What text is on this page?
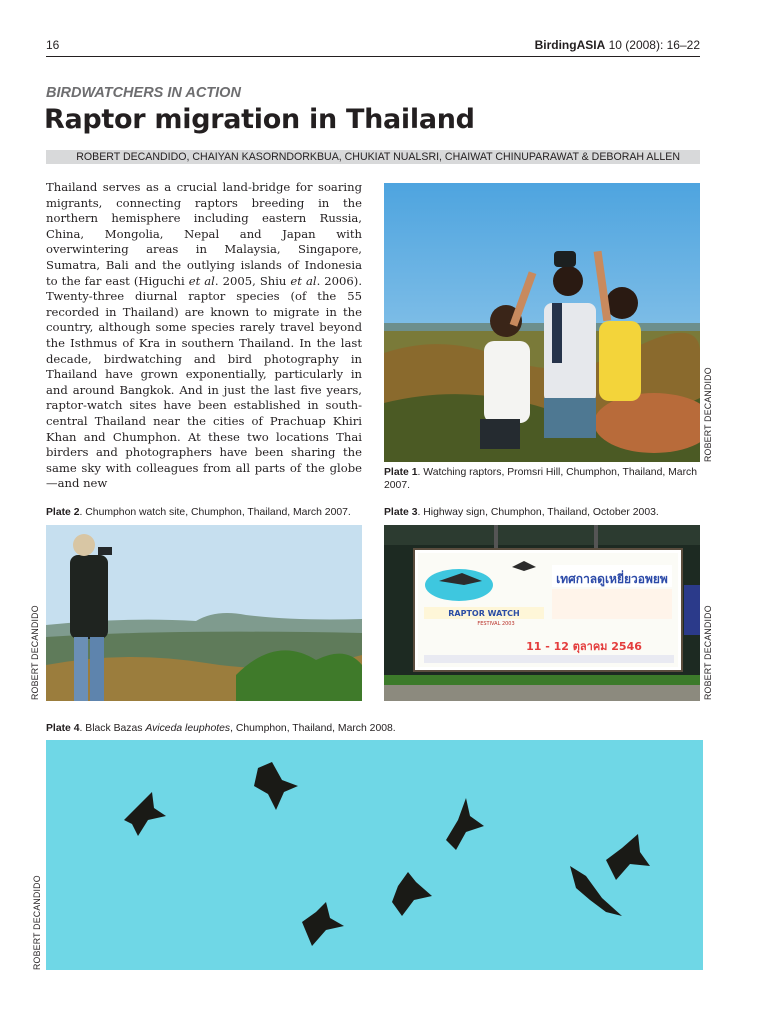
16	BirdingASIA 10 (2008): 16–22
BIRDWATCHERS IN ACTION
Raptor migration in Thailand
ROBERT DECANDIDO, CHAIYAN KASORNDORKBUA, CHUKIAT NUALSRI, CHAIWAT CHINUPARAWAT & DEBORAH ALLEN

Thailand serves as a crucial land-bridge for soaring migrants, connecting raptors breeding in the northern hemisphere including eastern Russia, China, Mongolia, Nepal and Japan with overwintering areas in Malaysia, Singapore, Sumatra, Bali and the outlying islands of Indonesia to the far east (Higuchi et al. 2005, Shiu et al. 2006). Twenty-three diurnal raptor species (of the 55 recorded in Thailand) are known to migrate in the country, although some species rarely travel beyond the Isthmus of Kra in southern Thailand. In the last decade, birdwatching and bird photography in Thailand have grown exponentially, particularly in and around Bangkok. And in just the last five years, raptor-watch sites have been established in south-central Thailand near the cities of Prachuap Khiri Khan and Chumphon. At these two locations Thai birders and photographers have been sharing the same sky with colleagues from all parts of the globe—and new

ROBERT DECANDIDO
Plate 1. Watching raptors, Promsri Hill, Chumphon, Thailand, March 2007.
Plate 2. Chumphon watch site, Chumphon, Thailand, March 2007.
ROBERT DECANDIDO
Plate 3. Highway sign, Chumphon, Thailand, October 2003.
เทศกาลดูเหยี่ยวอพยพ
RAPTOR WATCH
FESTIVAL 2003
11 - 12 ตุลาคม 2546	ROBERT DECANDIDO
Plate 4. Black Bazas Aviceda leuphotes, Chumphon, Thailand, March 2008.
ROBERT DECANDIDO
